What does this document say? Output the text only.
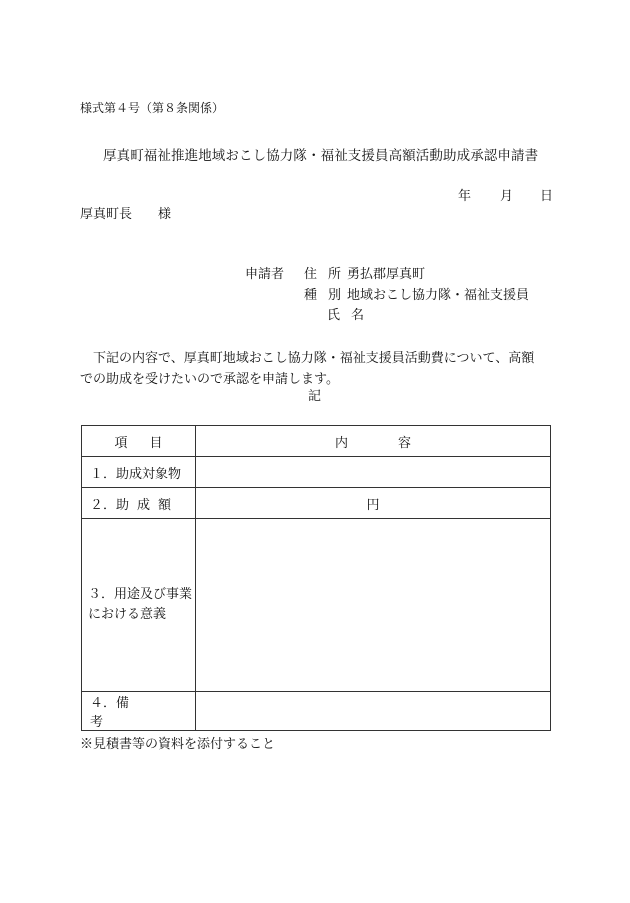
様式第４号（第８条関係）
厚真町福祉推進地域おこし協力隊・福祉支援員高額活動助成承認申請書
年 月 日
厚真町長 様
申請者 住所
勇払郡厚真町
種別
地域おこし協力隊・福祉支援員
氏名
下記の内容で、厚真町地域おこし協力隊・福祉支援員活動費について、高額
での助成を受けたいので承認を申請します。
記
項目	内容
１．助成対象物	
２．助成額	円
３．用途及び事業
における意義	
４．備考	
※見積書等の資料を添付すること
